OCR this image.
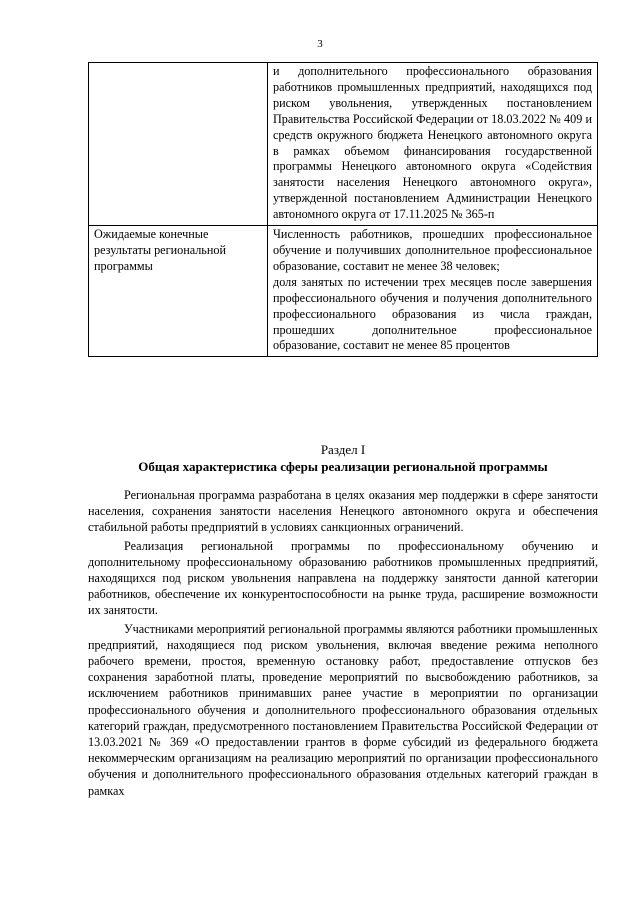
3
	и дополнительного профессионального образования работников промышленных предприятий, находящихся под риском увольнения, утвержденных постановлением Правительства Российской Федерации от 18.03.2022 № 409 и средств окружного бюджета Ненецкого автономного округа в рамках объемом финансирования государственной программы Ненецкого автономного округа «Содействия занятости населения Ненецкого автономного округа», утвержденной постановлением Администрации Ненецкого автономного округа от 17.11.2025 № 365-п
Ожидаемые конечные результаты региональной программы	Численность работников, прошедших профессиональное обучение и получивших дополнительное профессиональное образование, составит не менее 38 человек;
доля занятых по истечении трех месяцев после завершения профессионального обучения и получения дополнительного профессионального образования из числа граждан, прошедших дополнительное профессиональное образование, составит не менее 85 процентов
Раздел I
Общая характеристика сферы реализации региональной программы

Региональная программа разработана в целях оказания мер поддержки в сфере занятости населения, сохранения занятости населения Ненецкого автономного округа и обеспечения стабильной работы предприятий в условиях санкционных ограничений.

Реализация региональной программы по профессиональному обучению и дополнительному профессиональному образованию работников промышленных предприятий, находящихся под риском увольнения направлена на поддержку занятости данной категории работников, обеспечение их конкурентоспособности на рынке труда, расширение возможности их занятости.

Участниками мероприятий региональной программы являются работники промышленных предприятий, находящиеся под риском увольнения, включая введение режима неполного рабочего времени, простоя, временную остановку работ, предоставление отпусков без сохранения заработной платы, проведение мероприятий по высвобождению работников, за исключением работников принимавших ранее участие в мероприятии по организации профессионального обучения и дополнительного профессионального образования отдельных категорий граждан, предусмотренного постановлением Правительства Российской Федерации от 13.03.2021 № 369 «О предоставлении грантов в форме субсидий из федерального бюджета некоммерческим организациям на реализацию мероприятий по организации профессионального обучения и дополнительного профессионального образования отдельных категорий граждан в рамках
